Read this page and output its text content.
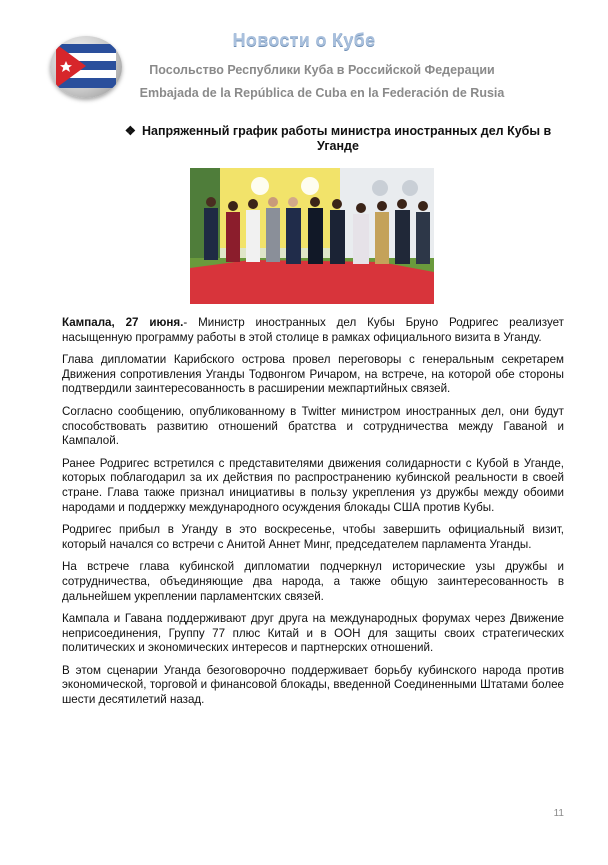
Новости о Кубе
Посольство Республики Куба в Российской Федерации
Embajada de la República de Cuba en la Federación de Rusia
❖ Напряженный график работы министра иностранных дел Кубы в Уганде

Кампала, 27 июня.- Министр иностранных дел Кубы Бруно Родригес реализует насыщенную программу работы в этой столице в рамках официального визита в Уганду.

Глава дипломатии Карибского острова провел переговоры с генеральным секретарем Движения сопротивления Уганды Тодвонгом Ричаром, на встрече, на которой обе стороны подтвердили заинтересованность в расширении межпартийных связей.

Согласно сообщению, опубликованному в Twitter министром иностранных дел, они будут способствовать развитию отношений братства и сотрудничества между Гаваной и Кампалой.

Ранее Родригес встретился с представителями движения солидарности с Кубой в Уганде, которых поблагодарил за их действия по распространению кубинской реальности в своей стране. Глава также признал инициативы в пользу укрепления уз дружбы между обоими народами и поддержку международного осуждения блокады США против Кубы.

Родригес прибыл в Уганду в это воскресенье, чтобы завершить официальный визит, который начался со встречи с Анитой Аннет Минг, председателем парламента Уганды.

На встрече глава кубинской дипломатии подчеркнул исторические узы дружбы и сотрудничества, объединяющие два народа, а также общую заинтересованность в дальнейшем укреплении парламентских связей.

Кампала и Гавана поддерживают друг друга на международных форумах через Движение неприсоединения, Группу 77 плюс Китай и в ООН для защиты своих стратегических политических и экономических интересов и партнерских отношений.

В этом сценарии Уганда безоговорочно поддерживает борьбу кубинского народа против экономической, торговой и финансовой блокады, введенной Соединенными Штатами более шести десятилетий назад.

11
